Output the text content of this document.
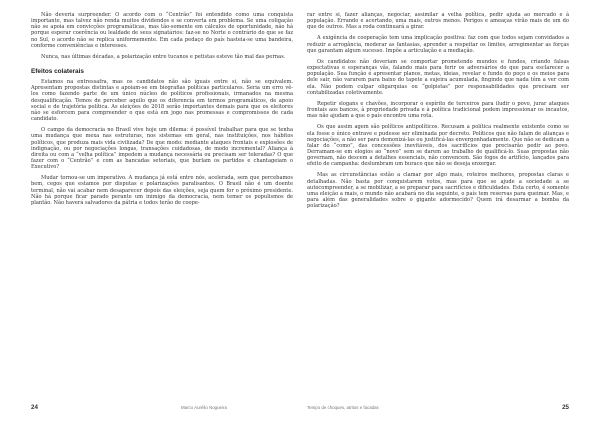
Não deveria surpreender. O acordo com o “Centrão” foi entendido como uma conquista importante, mas talvez não renda muitos dividendos e se converta em problema. Se uma coligação não se apoia em convicções programáticas, mas tão-somente em cálculos de oportunidade, não há porque esperar coerência ou lealdade de seus signatários: faz-se no Norte o contrário do que se faz no Sul, o acordo não se replica uniformemente. Em cada pedaço do país hasteia-se uma bandeira, conforme conveniências e interesses.

Nunca, nas últimas décadas, a polarização entre tucanos e petistas esteve tão mal das pernas.

Efeitos colaterais

Estamos na entressafra, mas os candidatos não são iguais entre si, não se equivalem. Apresentam propostas distintas e apoiam-se em biografias políticas particulares. Seria um erro vê-los como fazendo parte de um único núcleo de políticos profissionais, irmanados na mesma desqualificação. Temos de perceber aquilo que os diferencia em termos programáticos, de apoio social e de trajetória política. As eleições de 2018 serão importantes demais para que os eleitores não se esforcem para compreender o que está em jogo nas promessas e compromissos de cada candidato.

O campo da democracia no Brasil vive hoje um dilema: é possível trabalhar para que se tenha uma mudança que mexa nas estruturas, nos sistemas em geral, nas instituições, nos hábitos políticos, que produza mais vida civilizada? De que modo: mediante ataques frontais e explosões de indignação, ou por negociações longas, transações cuidadosas, de modo incremental? Aliança à direita ou com a “velha política” impedem a mudança necessária ou precisam ser toleradas? O que fazer com o “Centrão” e com as bancadas setoriais, que burlam os partidos e chantageiam o Executivo?

Mudar tornou-se um imperativo. A mudança já está entre nós, acelerada, sem que percebamos bem, cegos que estamos por disputas e polarizações paralisantes. O Brasil não é um doente terminal, não vai acabar nem desaparecer depois das eleições, seja quem for o próximo presidente. Não há porque ficar parado perante um inimigo da democracia, nem temer os populismos de plantão. Não haverá salvadores da pátria e todos terão de coope-

rar entre si, fazer alianças, negociar, assimilar a velha política, pedir ajuda ao mercado e à população. Errando e acertando, uma mais, outros menos. Perigos e ameaças virão mais de um do que de outros. Mas a roda continuará a girar.

A exigência de cooperação tem uma implicação positiva: faz com que todos sejam convidados a reduzir a arrogância, moderar as fantasias, aprender a respeitar os limites, arregimentar as forças que garantam algum sucesso. Impõe a articulação e a mediação.

Os candidatos não deveriam se comportar prometendo mundos e fundos, criando falsas expectativas e esperanças vãs, falando mais para ferir os adversários do que para esclarecer a população. Sua função é apresentar planos, metas, ideias, revelar o fundo do poço e os meios para dele sair, não vararem para baixo do tapete a sujeira acumulada, fingindo que nada têm a ver com ela. Não podem culpar oligarquias ou “golpistas” por responsabilidades que precisam ser contabilizadas coletivamente.

Repetir slogans e chavões, incorporar o espírito de terceiros para iludir o povo, jurar ataques frontais aos bancos, à propriedade privada e à política tradicional podem impressionar os incautos, mas não ajudam a que o país encontre uma rota.

Os que assim agem são políticos antipolíticos. Recusam a política realmente existente como se ela fosse o único entrave e pudesse ser eliminada por decreto. Políticos que não falam de alianças e negociações, a não ser para demonizá-las ou justificá-las envergonhadamente. Que não se dedicam a falar do “como”, das concessões inevitáveis, dos sacrifícios que precisarão pedir ao povo. Derramam-se em elogios ao “novo” sem se darem ao trabalho de qualificá-lo. Suas propostas não governam, não descem a detalhes essenciais, não convencem. São fogos de artifício, lançados para efeito de campanha: deslumbram um buraco que não se deseja enxergar.

Mas as circunstâncias estão a clamar por algo mais, roteiros melhores, propostas claras e detalhadas. Não basta por conquistarem votos, mas para que se ajude a sociedade a se autocompreender, a se mobilizar, a se preparar para sacrifícios e dificuldades. Esta certo, é somente uma eleição a mais, o mundo não acabará no dia seguinte, o país tem reservas para queimar. Mas, e para além das generalidades sobre o gigante adormecido? Quem irá desarmar a bomba da polarização?

24	Marco Aurélio Nogueira	Tempo de choques, atritos e facadas	25
